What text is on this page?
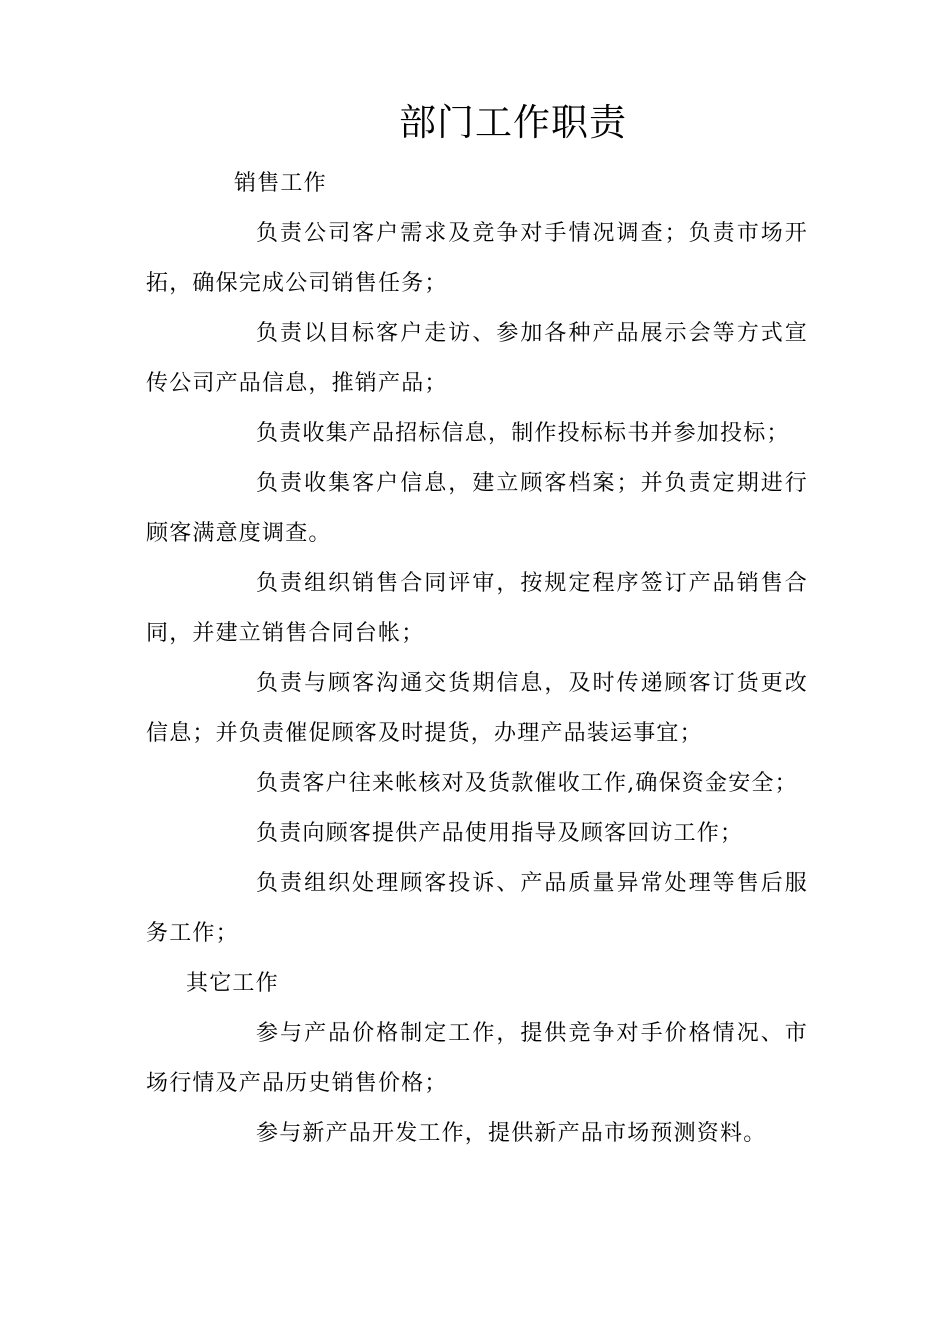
部门工作职责
销售工作

负责公司客户需求及竞争对手情况调查；负责市场开拓，确保完成公司销售任务；

负责以目标客户走访、参加各种产品展示会等方式宣传公司产品信息，推销产品；

负责收集产品招标信息，制作投标标书并参加投标；

负责收集客户信息，建立顾客档案；并负责定期进行顾客满意度调查。

负责组织销售合同评审，按规定程序签订产品销售合同，并建立销售合同台帐；

负责与顾客沟通交货期信息，及时传递顾客订货更改信息；并负责催促顾客及时提货，办理产品装运事宜；

负责客户往来帐核对及货款催收工作,确保资金安全；

负责向顾客提供产品使用指导及顾客回访工作；

负责组织处理顾客投诉、产品质量异常处理等售后服务工作；

其它工作

参与产品价格制定工作，提供竞争对手价格情况、市场行情及产品历史销售价格；

参与新产品开发工作，提供新产品市场预测资料。
